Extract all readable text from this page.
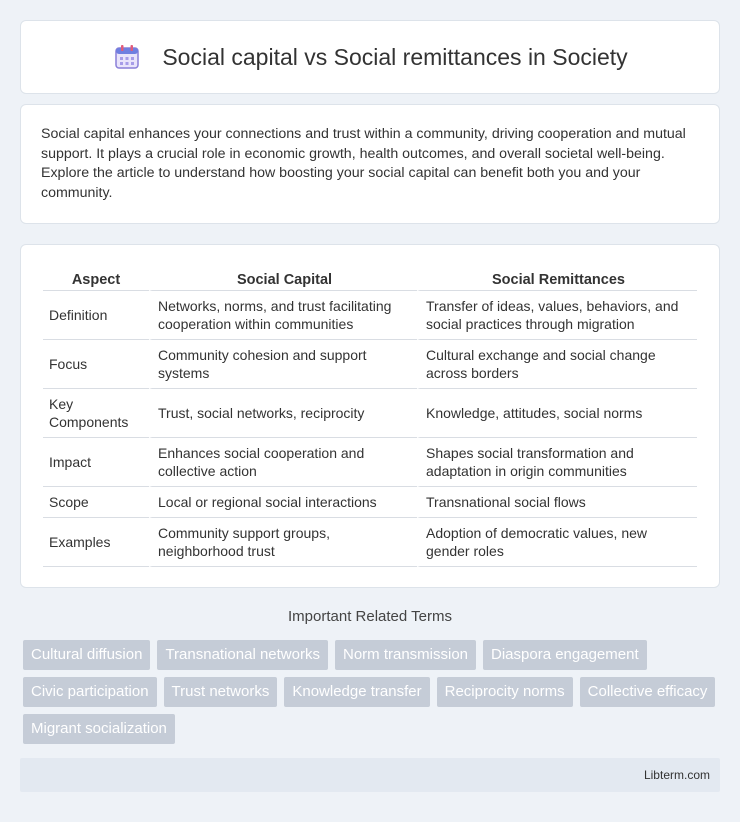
Social capital vs Social remittances in Society

Social capital enhances your connections and trust within a community, driving cooperation and mutual support. It plays a crucial role in economic growth, health outcomes, and overall societal well-being. Explore the article to understand how boosting your social capital can benefit both you and your community.

Aspect	Social Capital	Social Remittances
Definition	Networks, norms, and trust facilitating cooperation within communities	Transfer of ideas, values, behaviors, and social practices through migration
Focus	Community cohesion and support systems	Cultural exchange and social change across borders
Key Components	Trust, social networks, reciprocity	Knowledge, attitudes, social norms
Impact	Enhances social cooperation and collective action	Shapes social transformation and adaptation in origin communities
Scope	Local or regional social interactions	Transnational social flows
Examples	Community support groups, neighborhood trust	Adoption of democratic values, new gender roles
Important Related Terms
Cultural diffusion	Transnational networks	Norm transmission	Diaspora engagement
Civic participation	Trust networks	Knowledge transfer	Reciprocity norms	Collective efficacy
Migrant socialization
Libterm.com
